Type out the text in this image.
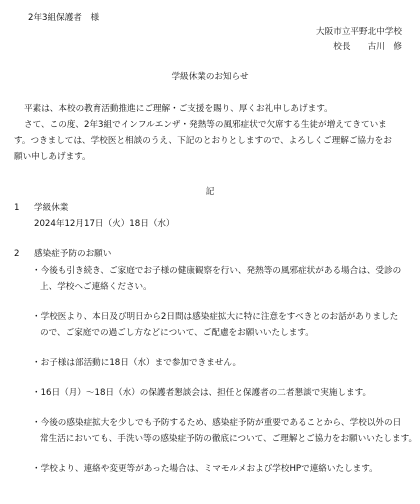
2年3組保護者　様

大阪市立平野北中学校

校長　　古川　修

学級休業のお知らせ

平素は、本校の教育活動推進にご理解・ご支援を賜り、厚くお礼申しあげます。

さて、この度、2年3組でインフルエンザ・発熱等の風邪症状で欠席する生徒が増えてきていま

す。つきましては、学校医と相談のうえ、下記のとおりとしますので、よろしくご理解ご協力をお

願い申しあげます。

記

1 学級休業

2024年12月17日（火）18日（水）

2 感染症予防のお願い

・今後も引き続き、ご家庭でお子様の健康観察を行い、発熱等の風邪症状がある場合は、受診の

上、学校へご連絡ください。

・学校医より、本日及び明日から2日間は感染症拡大に特に注意をすべきとのお話がありました

ので、ご家庭での過ごし方などについて、ご配慮をお願いいたします。

・お子様は部活動に18日（水）まで参加できません。

・16日（月）～18日（水）の保護者懇談会は、担任と保護者の二者懇談で実施します。

・今後の感染症拡大を少しでも予防するため、感染症予防が重要であることから、学校以外の日

常生活においても、手洗い等の感染症予防の徹底について、ご理解とご協力をお願いいたします。

・学校より、連絡や変更等があった場合は、ミマモルメおよび学校HPで連絡いたします。
